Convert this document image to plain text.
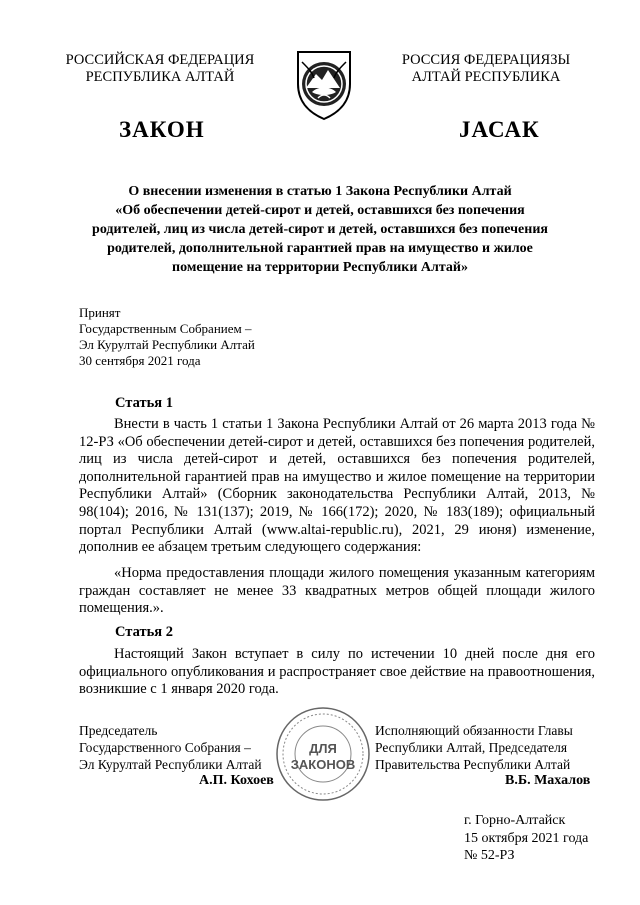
РОССИЙСКАЯ ФЕДЕРАЦИЯ
РЕСПУБЛИКА АЛТАЙ
РОССИЯ ФЕДЕРАЦИЯЗЫ
АЛТАЙ РЕСПУБЛИКА
ЗАКОН	JАСАК
О внесении изменения в статью 1 Закона Республики Алтай
«Об обеспечении детей-сирот и детей, оставшихся без попечения
родителей, лиц из числа детей-сирот и детей, оставшихся без попечения
родителей, дополнительной гарантией прав на имущество и жилое
помещение на территории Республики Алтай»
Принят
Государственным Собранием –
Эл Курултай Республики Алтай
30 сентября 2021 года
Статья 1
Внести в часть 1 статьи 1 Закона Республики Алтай от 26 марта 2013 года № 12-РЗ «Об обеспечении детей-сирот и детей, оставшихся без попечения родителей, лиц из числа детей-сирот и детей, оставшихся без попечения родителей, дополнительной гарантией прав на имущество и жилое помещение на территории Республики Алтай» (Сборник законодательства Республики Алтай, 2013, № 98(104); 2016, № 131(137); 2019, № 166(172); 2020, № 183(189); официальный портал Республики Алтай (www.altai-republic.ru), 2021, 29 июня) изменение, дополнив ее абзацем третьим следующего содержания:
«Норма предоставления площади жилого помещения указанным категориям граждан составляет не менее 33 квадратных метров общей площади жилого помещения.».
Статья 2
Настоящий Закон вступает в силу по истечении 10 дней после дня его официального опубликования и распространяет свое действие на правоотношения, возникшие с 1 января 2020 года.
ДЛЯ
ЗАКОНОВ
Председатель
Государственного Собрания –
Эл Курултай Республики Алтай
А.П. Кохоев
Исполняющий обязанности Главы
Республики Алтай, Председателя
Правительства Республики Алтай
В.Б. Махалов
г. Горно-Алтайск
15 октября 2021 года
№ 52-РЗ
